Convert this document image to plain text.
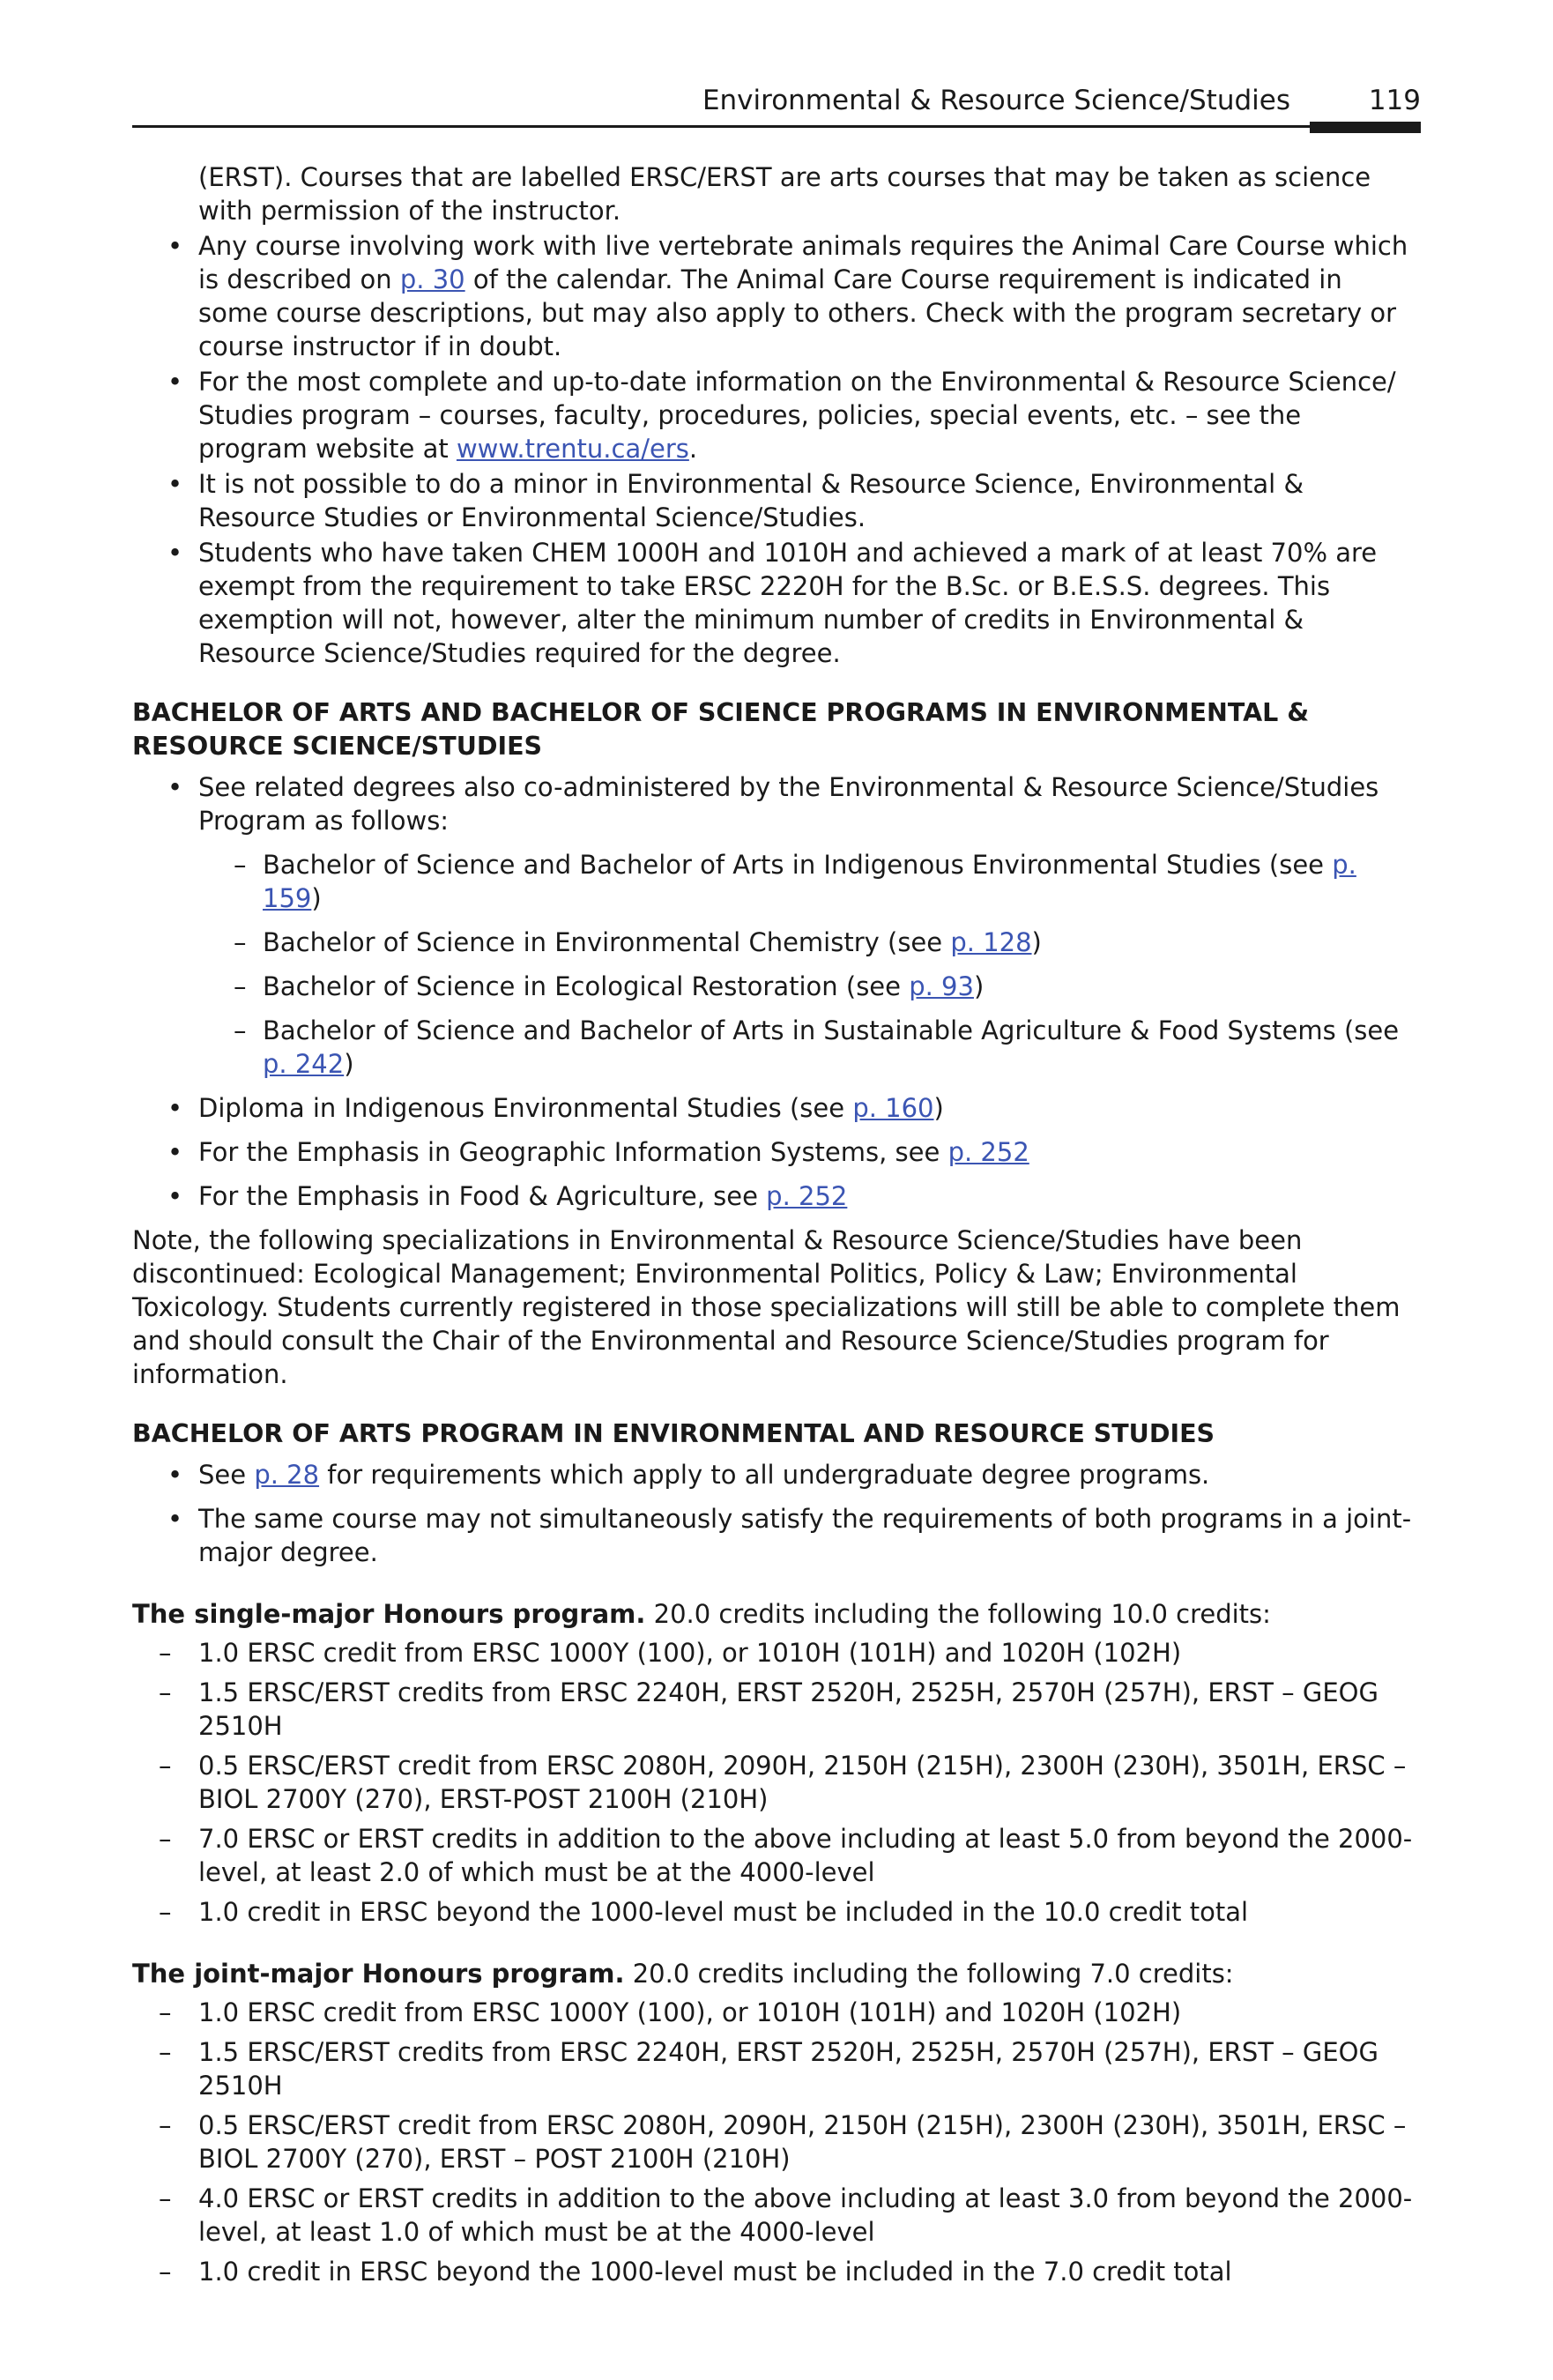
Environmental & Resource Science/Studies	119

(ERST). Courses that are labelled ERSC/ERST are arts courses that may be taken as science with permission of the instructor.

• Any course involving work with live vertebrate animals requires the Animal Care Course which is described on p. 30 of the calendar. The Animal Care Course requirement is indicated in some course descriptions, but may also apply to others. Check with the program secretary or course instructor if in doubt.
• For the most complete and up-to-date information on the Environmental & Resource Science/ Studies program – courses, faculty, procedures, policies, special events, etc. – see the program website at www.trentu.ca/ers.
• It is not possible to do a minor in Environmental & Resource Science, Environmental & Resource Studies or Environmental Science/Studies.
• Students who have taken CHEM 1000H and 1010H and achieved a mark of at least 70% are exempt from the requirement to take ERSC 2220H for the B.Sc. or B.E.S.S. degrees. This exemption will not, however, alter the minimum number of credits in Environmental & Resource Science/Studies required for the degree.

BACHELOR OF ARTS AND BACHELOR OF SCIENCE PROGRAMS IN ENVIRONMENTAL & RESOURCE SCIENCE/STUDIES

• See related degrees also co-administered by the Environmental & Resource Science/Studies Program as follows:
– Bachelor of Science and Bachelor of Arts in Indigenous Environmental Studies (see p. 159)
– Bachelor of Science in Environmental Chemistry (see p. 128)
– Bachelor of Science in Ecological Restoration (see p. 93)
– Bachelor of Science and Bachelor of Arts in Sustainable Agriculture & Food Systems (see p. 242)
• Diploma in Indigenous Environmental Studies (see p. 160)
• For the Emphasis in Geographic Information Systems, see p. 252
• For the Emphasis in Food & Agriculture, see p. 252

Note, the following specializations in Environmental & Resource Science/Studies have been discontinued: Ecological Management; Environmental Politics, Policy & Law; Environmental Toxicology. Students currently registered in those specializations will still be able to complete them and should consult the Chair of the Environmental and Resource Science/Studies program for information.

BACHELOR OF ARTS PROGRAM IN ENVIRONMENTAL AND RESOURCE STUDIES

• See p. 28 for requirements which apply to all undergraduate degree programs.
• The same course may not simultaneously satisfy the requirements of both programs in a joint-major degree.

The single-major Honours program. 20.0 credits including the following 10.0 credits:

– 1.0 ERSC credit from ERSC 1000Y (100), or 1010H (101H) and 1020H (102H)
– 1.5 ERSC/ERST credits from ERSC 2240H, ERST 2520H, 2525H, 2570H (257H), ERST – GEOG 2510H
– 0.5 ERSC/ERST credit from ERSC 2080H, 2090H, 2150H (215H), 2300H (230H), 3501H, ERSC – BIOL 2700Y (270), ERST-POST 2100H (210H)
– 7.0 ERSC or ERST credits in addition to the above including at least 5.0 from beyond the 2000-level, at least 2.0 of which must be at the 4000-level
– 1.0 credit in ERSC beyond the 1000-level must be included in the 10.0 credit total

The joint-major Honours program. 20.0 credits including the following 7.0 credits:

– 1.0 ERSC credit from ERSC 1000Y (100), or 1010H (101H) and 1020H (102H)
– 1.5 ERSC/ERST credits from ERSC 2240H, ERST 2520H, 2525H, 2570H (257H), ERST – GEOG 2510H
– 0.5 ERSC/ERST credit from ERSC 2080H, 2090H, 2150H (215H), 2300H (230H), 3501H, ERSC – BIOL 2700Y (270), ERST – POST 2100H (210H)
– 4.0 ERSC or ERST credits in addition to the above including at least 3.0 from beyond the 2000-level, at least 1.0 of which must be at the 4000-level
– 1.0 credit in ERSC beyond the 1000-level must be included in the 7.0 credit total
